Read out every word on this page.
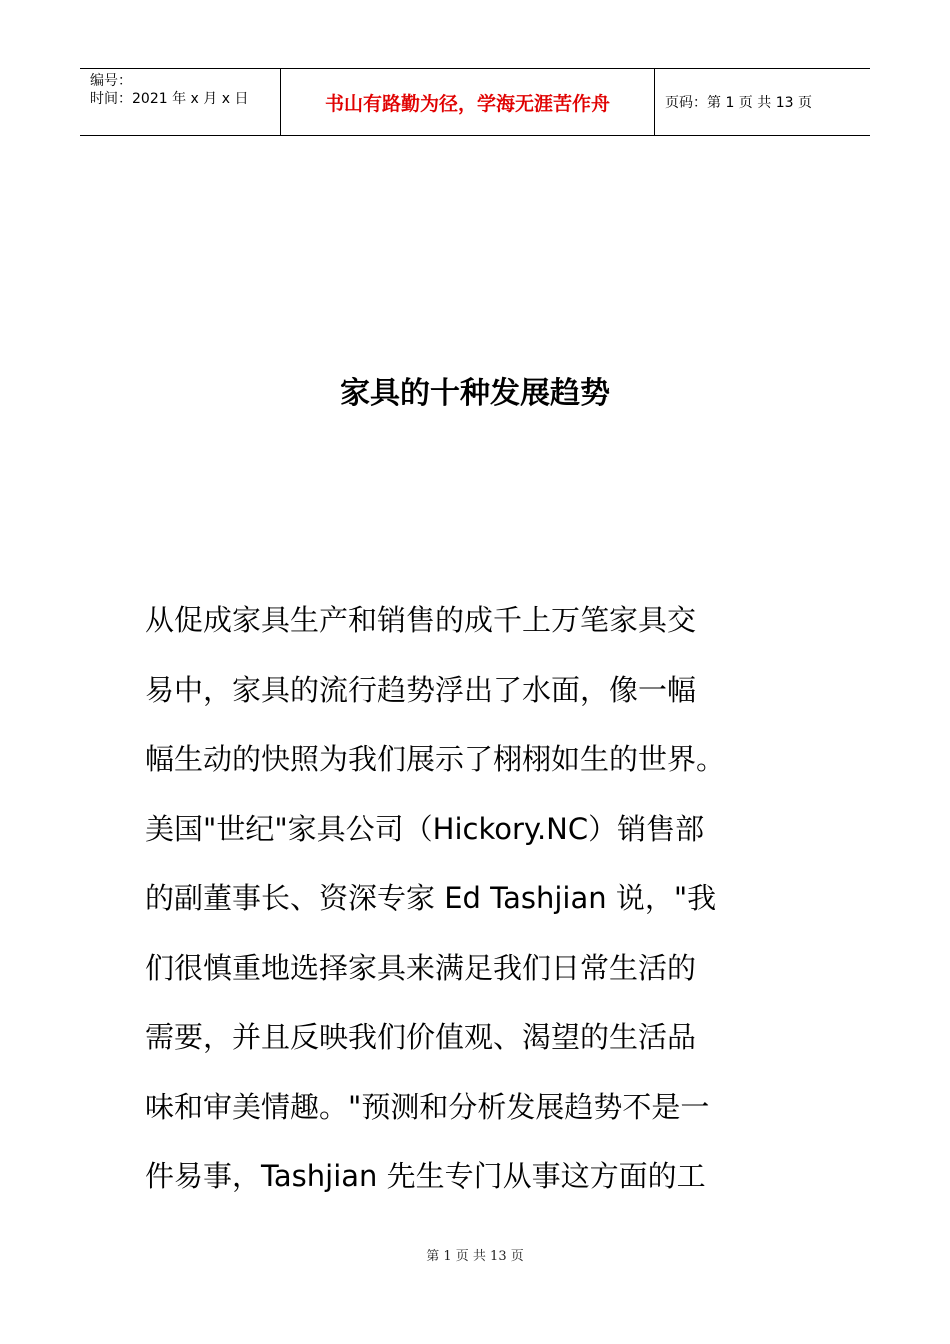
编号：
时间：2021 年 x 月 x 日	书山有路勤为径，学海无涯苦作舟	页码：第 1 页 共 13 页
家具的十种发展趋势
从促成家具生产和销售的成千上万笔家具交
易中，家具的流行趋势浮出了水面，像一幅
幅生动的快照为我们展示了栩栩如生的世界。
美国"世纪"家具公司（Hickory.NC）销售部
的副董事长、资深专家 Ed Tashjian 说，"我
们很慎重地选择家具来满足我们日常生活的
需要，并且反映我们价值观、渴望的生活品
味和审美情趣。"预测和分析发展趋势不是一
件易事，Tashjian 先生专门从事这方面的工
第 1 页 共 13 页
